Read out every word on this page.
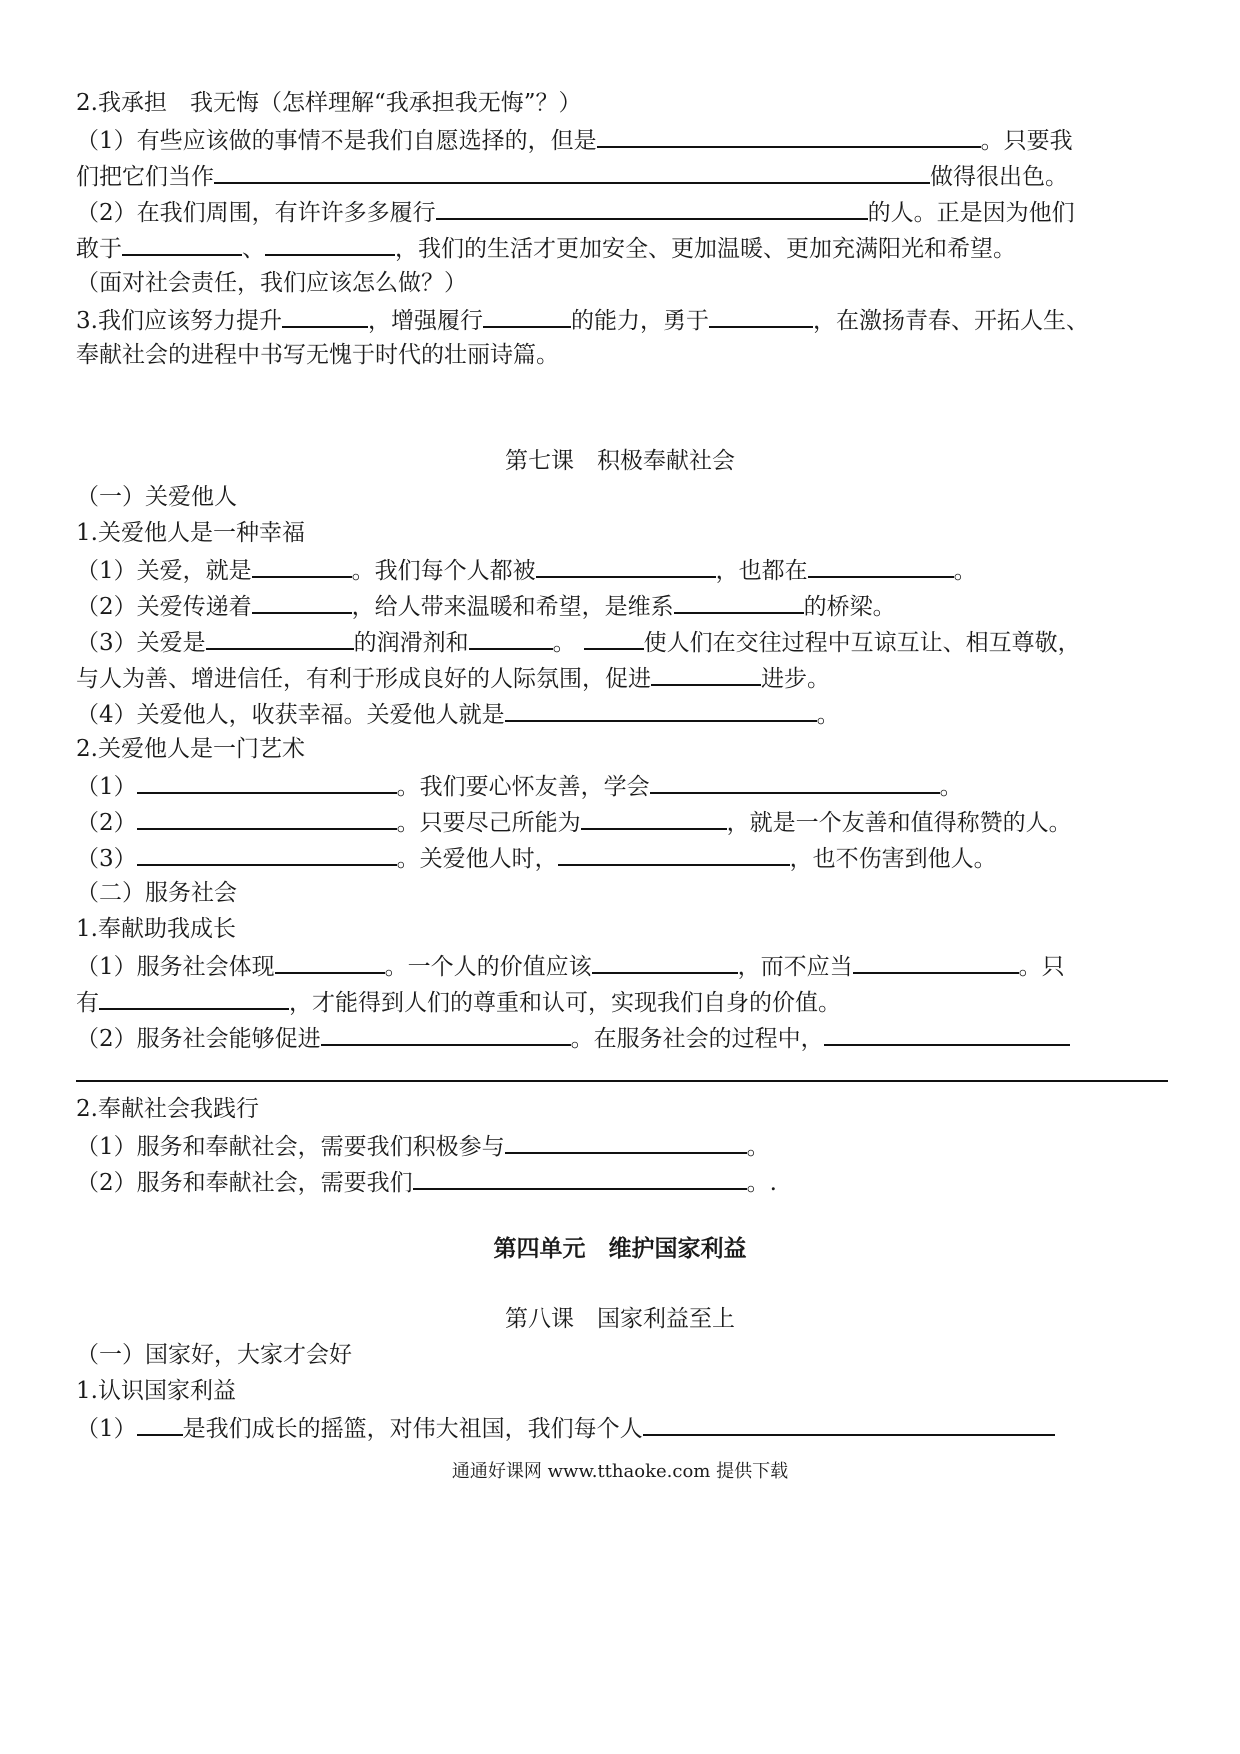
2.我承担　我无悔（怎样理解“我承担我无悔”？）
（1）有些应该做的事情不是我们自愿选择的，但是	。只要我
们把它们当作	做得很出色。
（2）在我们周围，有许许多多履行	的人。正是因为他们
敢于	、	，我们的生活才更加安全、更加温暖、更加充满阳光和希望。
（面对社会责任，我们应该怎么做？）
3.我们应该努力提升	，增强履行	的能力，勇于	，在激扬青春、开拓人生、
奉献社会的进程中书写无愧于时代的壮丽诗篇。
第七课　积极奉献社会
（一）关爱他人
1.关爱他人是一种幸福
（1）关爱，就是	。我们每个人都被	，也都在	。
（2）关爱传递着	，给人带来温暖和希望，是维系	的桥梁。
（3）关爱是	的润滑剂和	。	使人们在交往过程中互谅互让、相互尊敬，
与人为善、增进信任，有利于形成良好的人际氛围，促进	进步。
（4）关爱他人，收获幸福。关爱他人就是	。
2.关爱他人是一门艺术
（1）	。我们要心怀友善，学会	。
（2）	。只要尽己所能为	，就是一个友善和值得称赞的人。
（3）	。关爱他人时，	，也不伤害到他人。
（二）服务社会
1.奉献助我成长
（1）服务社会体现	。一个人的价值应该	，而不应当	。只
有	，才能得到人们的尊重和认可，实现我们自身的价值。
（2）服务社会能够促进	。在服务社会的过程中，
2.奉献社会我践行
（1）服务和奉献社会，需要我们积极参与	。
（2）服务和奉献社会，需要我们	。.
第四单元　维护国家利益
第八课　国家利益至上
（一）国家好，大家才会好
1.认识国家利益
（1） 是我们成长的摇篮，对伟大祖国，我们每个人
通通好课网 www.tthaoke.com 提供下载
